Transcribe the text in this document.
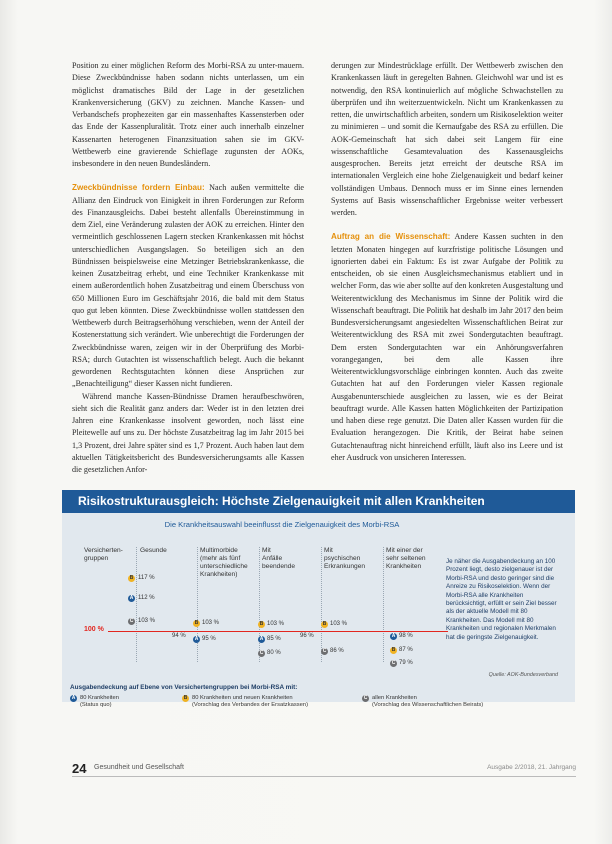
Position zu einer möglichen Reform des Morbi-RSA zu unter-mauern. Diese Zweckbündnisse haben sodann nichts unterlassen, um ein möglichst dramatisches Bild der Lage in der gesetzlichen Krankenversicherung (GKV) zu zeichnen. Manche Kassen- und Verbandschefs prophezeiten gar ein massenhaftes Kassensterben oder das Ende der Kassenpluralität. Trotz einer auch innerhalb einzelner Kassenarten heterogenen Finanzsituation sahen sie im GKV-Wettbewerb eine gravierende Schieflage zugunsten der AOKs, insbesondere in den neuen Bundesländern.

Zweckbündnisse fordern Einbau: Nach außen vermittelte die Allianz den Eindruck von Einigkeit in ihren Forderungen zur Reform des Finanzausgleichs. Dabei besteht allenfalls Übereinstimmung in dem Ziel, eine Veränderung zulasten der AOK zu erreichen. Hinter den vermeintlich geschlossenen Lagern stecken Krankenkassen mit höchst unterschiedlichen Ausgangslagen. So beteiligen sich an den Bündnissen beispielsweise eine Metzinger Betriebskrankenkasse, die keinen Zusatzbeitrag erhebt, und eine Techniker Krankenkasse mit einem außerordentlich hohen Zusatzbeitrag und einem Überschuss von 650 Millionen Euro im Geschäftsjahr 2016, die bald mit dem Status quo gut leben könnten. Diese Zweckbündnisse wollen stattdessen den Wettbewerb durch Beitragserhöhung verschieben, wenn der Anteil der Kostenerstattung sich verändert. Wie unberechtigt die Forderungen der Zweckbündnisse waren, zeigen wir in der Überprüfung des Morbi-RSA; durch Gutachten ist wissenschaftlich belegt. Auch die bekannt gewordenen Rechtsgutachten können diese Ansprüchen zur „Benachteiligung“ dieser Kassen nicht fundieren.

Während manche Kassen-Bündnisse Dramen heraufbeschwören, sieht sich die Realität ganz anders dar: Weder ist in den letzten drei Jahren eine Krankenkasse insolvent geworden, noch lässt eine Pleitewelle auf uns zu. Der höchste Zusatzbeitrag lag im Jahr 2015 bei 1,3 Prozent, drei Jahre später sind es 1,7 Prozent. Auch haben laut dem aktuellen Tätigkeitsbericht des Bundesversicherungsamts alle Kassen die gesetzlichen Anfor-

derungen zur Mindestrücklage erfüllt. Der Wettbewerb zwischen den Krankenkassen läuft in geregelten Bahnen. Gleichwohl war und ist es notwendig, den RSA kontinuierlich auf mögliche Schwachstellen zu überprüfen und ihn weiterzuentwickeln. Nicht um Krankenkassen zu retten, die unwirtschaftlich arbeiten, sondern um Risikoselektion weiter zu minimieren – und somit die Kernaufgabe des RSA zu erfüllen. Die AOK-Gemeinschaft hat sich dabei seit Langem für eine wissenschaftliche Gesamtevaluation des Kassenausgleichs ausgesprochen. Bereits jetzt erreicht der deutsche RSA im internationalen Vergleich eine hohe Zielgenauigkeit und bedarf keiner vollständigen Umbaus. Dennoch muss er im Sinne eines lernenden Systems auf Basis wissenschaftlicher Ergebnisse weiter verbessert werden.

Auftrag an die Wissenschaft: Andere Kassen suchten in den letzten Monaten hingegen auf kurzfristige politische Lösungen und ignorierten dabei ein Faktum: Es ist zwar Aufgabe der Politik zu entscheiden, ob sie einen Ausgleichsmechanismus etabliert und in welcher Form, das wie aber sollte auf den konkreten Ausgestaltung und Weiterentwicklung des Mechanismus im Sinne der Politik wird die Wissenschaft beauftragt. Die Politik hat deshalb im Jahr 2017 den beim Bundesversicherungsamt angesiedelten Wissenschaftlichen Beirat zur Weiterentwicklung des RSA mit zwei Sondergutachten beauftragt. Dem ersten Sondergutachten war ein Anhörungsverfahren vorangegangen, bei dem alle Kassen ihre Weiterentwicklungsvorschläge einbringen konnten. Auch das zweite Gutachten hat auf den Forderungen vieler Kassen regionale Ausgabenunterschiede ausgleichen zu lassen, wie es der Beirat beauftragt wurde. Alle Kassen hatten Möglichkeiten der Partizipation und haben diese rege genutzt. Die Daten aller Kassen wurden für die Evaluation herangezogen. Die Kritik, der Beirat habe seinen Gutachtenauftrag nicht hinreichend erfüllt, läuft also ins Leere und ist eher Ausdruck von unsicheren Interessen.

Risikostrukturausgleich: Höchste Zielgenauigkeit mit allen Krankheiten
Die Krankheitsauswahl beeinflusst die Zielgenauigkeit des Morbi-RSA
Versicherten-
gruppen
Gesunde	Multimorbide
(mehr als fünf
unterschiedliche
Krankheiten)
Mit
Anfälle
beendende
Mit
psychischen
Erkrankungen
Mit einer der
sehr seltenen
Krankheiten
100 %
B 117 %
A 112 %
C 103 %
94 %
B 103 %
A 95 %
B 103 %
A 85 %
C 80 %
96 %
B 103 %
C 86 %
A 98 %
B 87 %
C 79 %
Je näher die Ausgabendeckung an 100 Prozent liegt, desto zielgenauer ist der Morbi-RSA und desto geringer sind die Anreize zu Risikoselektion. Wenn der Morbi-RSA alle Krankheiten berücksichtigt, erfüllt er sein Ziel besser als der aktuelle Modell mit 80 Krankheiten. Das Modell mit 80 Krankheiten und regionalen Merkmalen hat die geringste Zielgenauigkeit.
Quelle: AOK-Bundesverband
Ausgabendeckung auf Ebene von Versichertengruppen bei Morbi-RSA mit:
A 80 Krankheiten
(Status quo)
B 80 Krankheiten und neuen Krankheiten
(Vorschlag des Verbandes der Ersatzkassen)
C allen Krankheiten
(Vorschlag des Wissenschaftlichen Beirats)
24 Gesundheit und Gesellschaft	Ausgabe 2/2018, 21. Jahrgang
